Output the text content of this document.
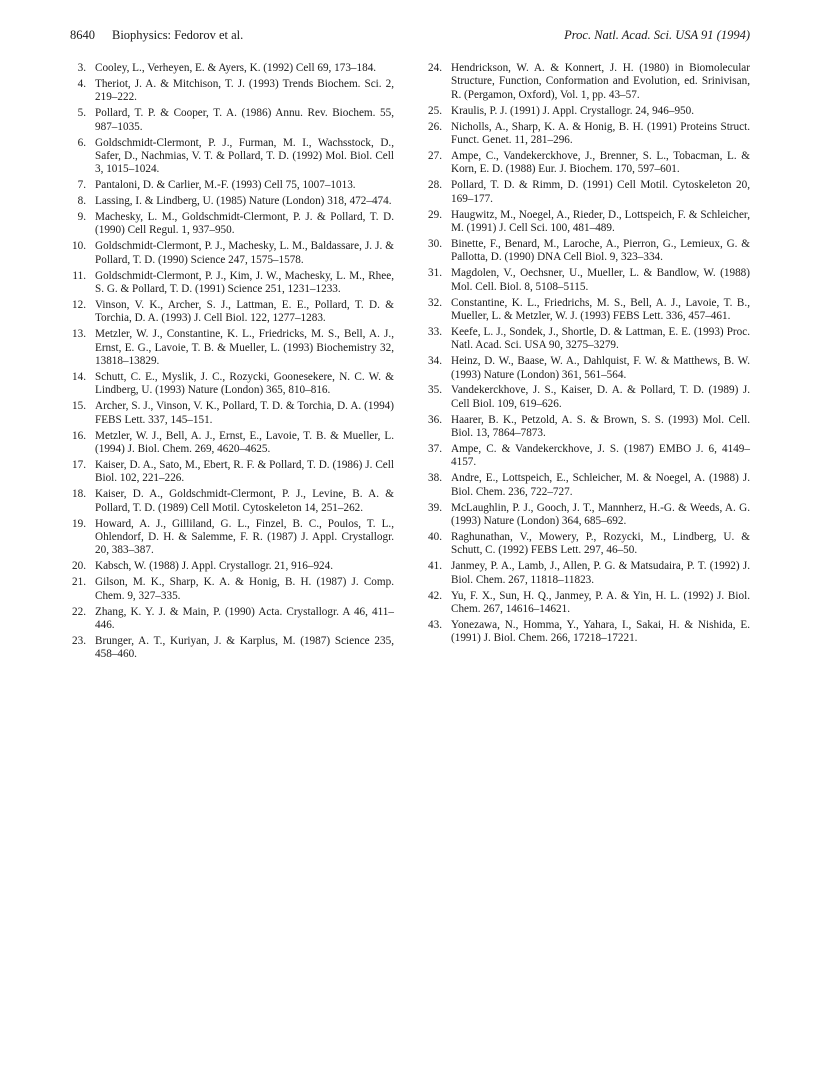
8640 Biophysics: Fedorov et al.	Proc. Natl. Acad. Sci. USA 91 (1994)
3. Cooley, L., Verheyen, E. & Ayers, K. (1992) Cell 69, 173–184.
4. Theriot, J. A. & Mitchison, T. J. (1993) Trends Biochem. Sci. 2, 219–222.
5. Pollard, T. P. & Cooper, T. A. (1986) Annu. Rev. Biochem. 55, 987–1035.
6. Goldschmidt-Clermont, P. J., Furman, M. I., Wachsstock, D., Safer, D., Nachmias, V. T. & Pollard, T. D. (1992) Mol. Biol. Cell 3, 1015–1024.
7. Pantaloni, D. & Carlier, M.-F. (1993) Cell 75, 1007–1013.
8. Lassing, I. & Lindberg, U. (1985) Nature (London) 318, 472–474.
9. Machesky, L. M., Goldschmidt-Clermont, P. J. & Pollard, T. D. (1990) Cell Regul. 1, 937–950.
10. Goldschmidt-Clermont, P. J., Machesky, L. M., Baldassare, J. J. & Pollard, T. D. (1990) Science 247, 1575–1578.
11. Goldschmidt-Clermont, P. J., Kim, J. W., Machesky, L. M., Rhee, S. G. & Pollard, T. D. (1991) Science 251, 1231–1233.
12. Vinson, V. K., Archer, S. J., Lattman, E. E., Pollard, T. D. & Torchia, D. A. (1993) J. Cell Biol. 122, 1277–1283.
13. Metzler, W. J., Constantine, K. L., Friedricks, M. S., Bell, A. J., Ernst, E. G., Lavoie, T. B. & Mueller, L. (1993) Biochemistry 32, 13818–13829.
14. Schutt, C. E., Myslik, J. C., Rozycki, Goonesekere, N. C. W. & Lindberg, U. (1993) Nature (London) 365, 810–816.
15. Archer, S. J., Vinson, V. K., Pollard, T. D. & Torchia, D. A. (1994) FEBS Lett. 337, 145–151.
16. Metzler, W. J., Bell, A. J., Ernst, E., Lavoie, T. B. & Mueller, L. (1994) J. Biol. Chem. 269, 4620–4625.
17. Kaiser, D. A., Sato, M., Ebert, R. F. & Pollard, T. D. (1986) J. Cell Biol. 102, 221–226.
18. Kaiser, D. A., Goldschmidt-Clermont, P. J., Levine, B. A. & Pollard, T. D. (1989) Cell Motil. Cytoskeleton 14, 251–262.
19. Howard, A. J., Gilliland, G. L., Finzel, B. C., Poulos, T. L., Ohlendorf, D. H. & Salemme, F. R. (1987) J. Appl. Crystallogr. 20, 383–387.
20. Kabsch, W. (1988) J. Appl. Crystallogr. 21, 916–924.
21. Gilson, M. K., Sharp, K. A. & Honig, B. H. (1987) J. Comp. Chem. 9, 327–335.
22. Zhang, K. Y. J. & Main, P. (1990) Acta. Crystallogr. A 46, 411–446.
23. Brunger, A. T., Kuriyan, J. & Karplus, M. (1987) Science 235, 458–460.
24. Hendrickson, W. A. & Konnert, J. H. (1980) in Biomolecular Structure, Function, Conformation and Evolution, ed. Srinivisan, R. (Pergamon, Oxford), Vol. 1, pp. 43–57.
25. Kraulis, P. J. (1991) J. Appl. Crystallogr. 24, 946–950.
26. Nicholls, A., Sharp, K. A. & Honig, B. H. (1991) Proteins Struct. Funct. Genet. 11, 281–296.
27. Ampe, C., Vandekerckhove, J., Brenner, S. L., Tobacman, L. & Korn, E. D. (1988) Eur. J. Biochem. 170, 597–601.
28. Pollard, T. D. & Rimm, D. (1991) Cell Motil. Cytoskeleton 20, 169–177.
29. Haugwitz, M., Noegel, A., Rieder, D., Lottspeich, F. & Schleicher, M. (1991) J. Cell Sci. 100, 481–489.
30. Binette, F., Benard, M., Laroche, A., Pierron, G., Lemieux, G. & Pallotta, D. (1990) DNA Cell Biol. 9, 323–334.
31. Magdolen, V., Oechsner, U., Mueller, L. & Bandlow, W. (1988) Mol. Cell. Biol. 8, 5108–5115.
32. Constantine, K. L., Friedrichs, M. S., Bell, A. J., Lavoie, T. B., Mueller, L. & Metzler, W. J. (1993) FEBS Lett. 336, 457–461.
33. Keefe, L. J., Sondek, J., Shortle, D. & Lattman, E. E. (1993) Proc. Natl. Acad. Sci. USA 90, 3275–3279.
34. Heinz, D. W., Baase, W. A., Dahlquist, F. W. & Matthews, B. W. (1993) Nature (London) 361, 561–564.
35. Vandekerckhove, J. S., Kaiser, D. A. & Pollard, T. D. (1989) J. Cell Biol. 109, 619–626.
36. Haarer, B. K., Petzold, A. S. & Brown, S. S. (1993) Mol. Cell. Biol. 13, 7864–7873.
37. Ampe, C. & Vandekerckhove, J. S. (1987) EMBO J. 6, 4149–4157.
38. Andre, E., Lottspeich, E., Schleicher, M. & Noegel, A. (1988) J. Biol. Chem. 236, 722–727.
39. McLaughlin, P. J., Gooch, J. T., Mannherz, H.-G. & Weeds, A. G. (1993) Nature (London) 364, 685–692.
40. Raghunathan, V., Mowery, P., Rozycki, M., Lindberg, U. & Schutt, C. (1992) FEBS Lett. 297, 46–50.
41. Janmey, P. A., Lamb, J., Allen, P. G. & Matsudaira, P. T. (1992) J. Biol. Chem. 267, 11818–11823.
42. Yu, F. X., Sun, H. Q., Janmey, P. A. & Yin, H. L. (1992) J. Biol. Chem. 267, 14616–14621.
43. Yonezawa, N., Homma, Y., Yahara, I., Sakai, H. & Nishida, E. (1991) J. Biol. Chem. 266, 17218–17221.
